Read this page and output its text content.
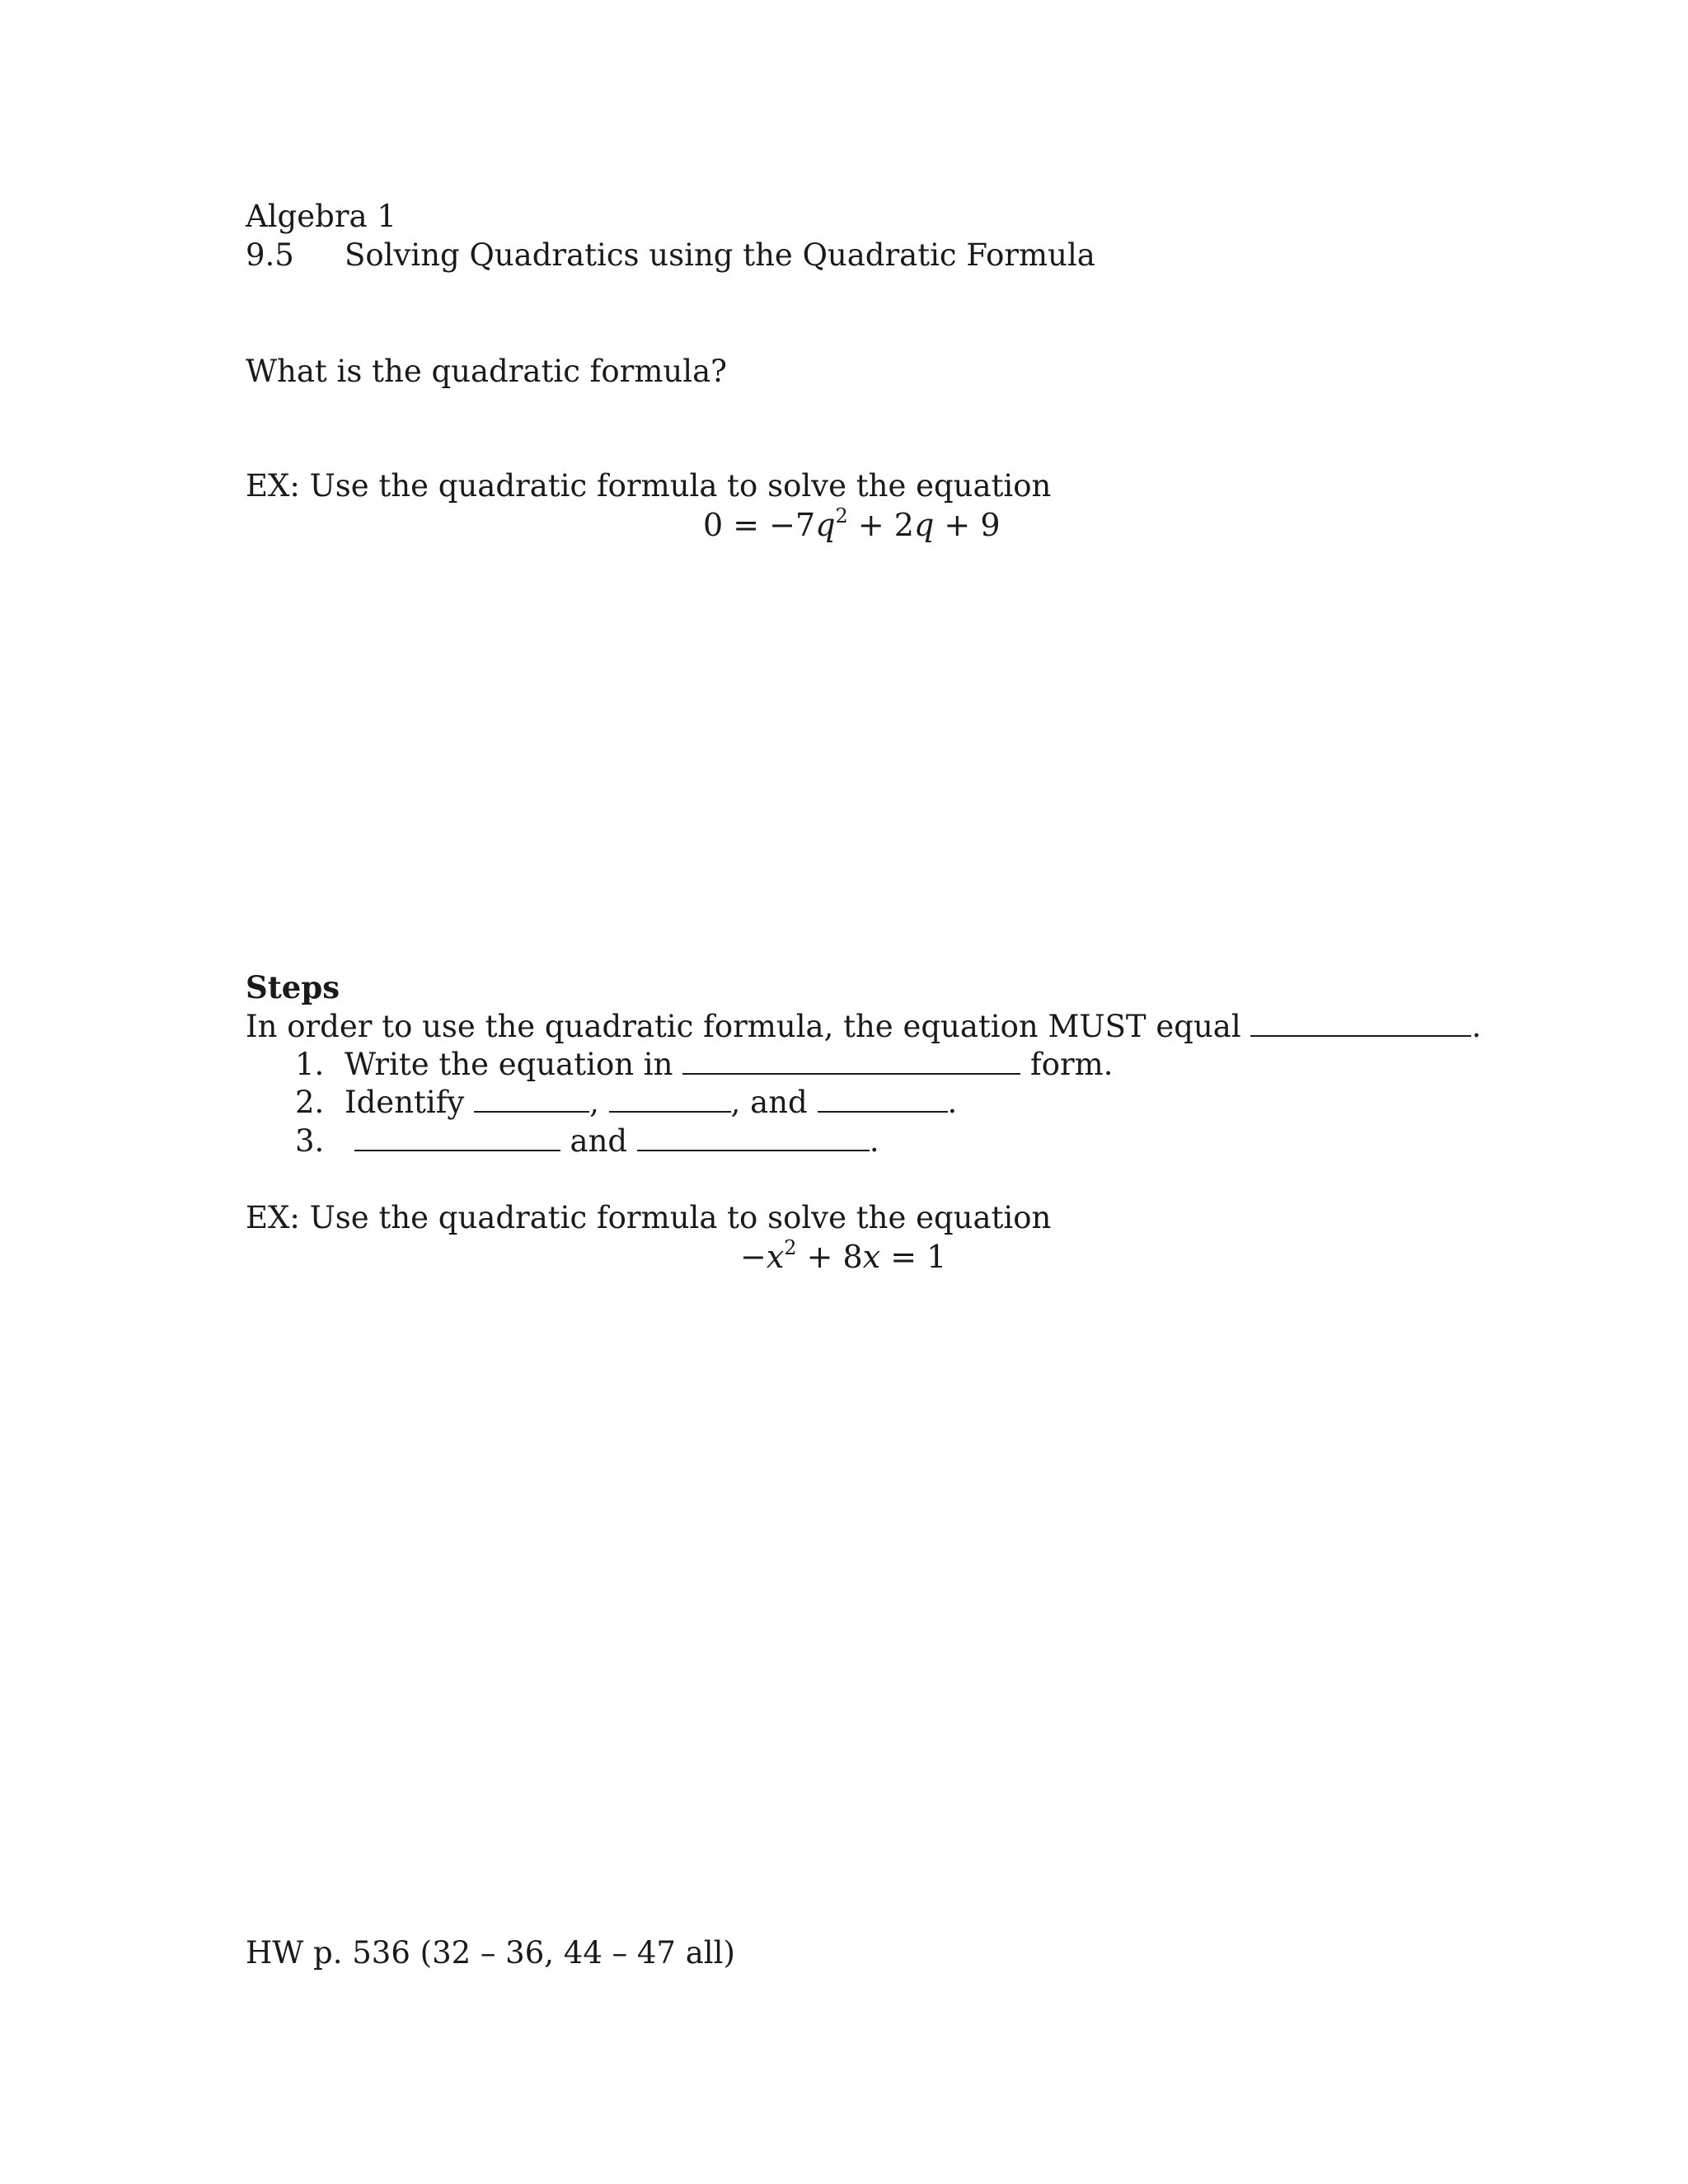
Algebra 1
9.5 Solving Quadratics using the Quadratic Formula
What is the quadratic formula?
EX: Use the quadratic formula to solve the equation
$0 = -7q^2 + 2q + 9$
Steps
In order to use the quadratic formula, the equation MUST equal	.
1. Write the equation in	form.
2. Identify	,	, and	.
3.	and	.
EX: Use the quadratic formula to solve the equation
$-x^2 + 8x = 1$
HW p. 536 (32 – 36, 44 – 47 all)
